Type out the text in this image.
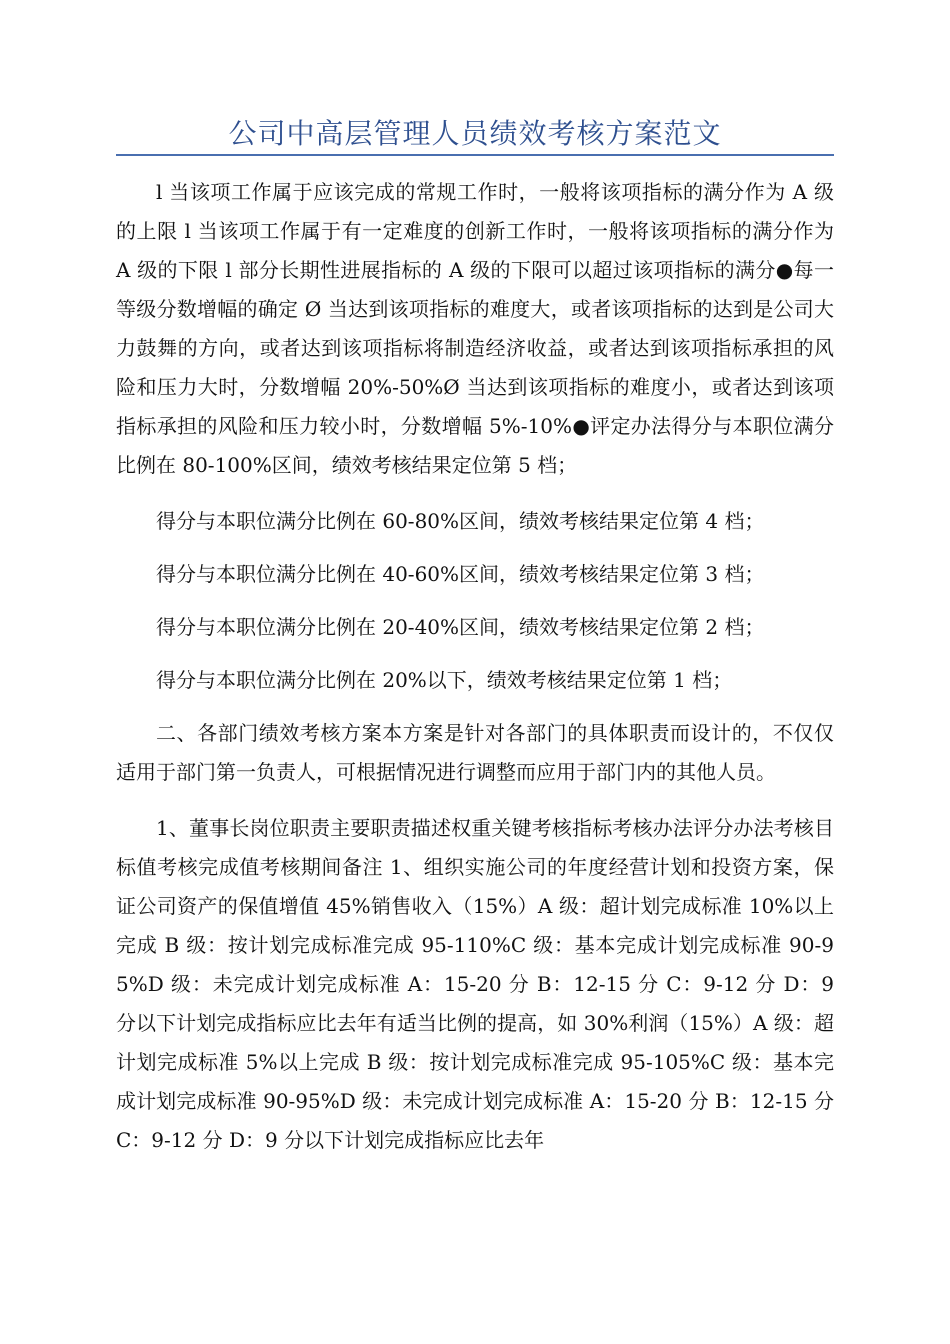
公司中高层管理人员绩效考核方案范文

l 当该项工作属于应该完成的常规工作时，一般将该项指标的满分作为 A 级的上限 l 当该项工作属于有一定难度的创新工作时，一般将该项指标的满分作为 A 级的下限 l 部分长期性进展指标的 A 级的下限可以超过该项指标的满分●每一等级分数增幅的确定 Ø 当达到该项指标的难度大，或者该项指标的达到是公司大力鼓舞的方向，或者达到该项指标将制造经济收益，或者达到该项指标承担的风险和压力大时，分数增幅 20%-50%Ø 当达到该项指标的难度小，或者达到该项指标承担的风险和压力较小时，分数增幅 5%-10%●评定办法得分与本职位满分比例在 80-100%区间，绩效考核结果定位第 5 档；

得分与本职位满分比例在 60-80%区间，绩效考核结果定位第 4 档；

得分与本职位满分比例在 40-60%区间，绩效考核结果定位第 3 档；

得分与本职位满分比例在 20-40%区间，绩效考核结果定位第 2 档；

得分与本职位满分比例在 20%以下，绩效考核结果定位第 1 档；

二、各部门绩效考核方案本方案是针对各部门的具体职责而设计的，不仅仅适用于部门第一负责人，可根据情况进行调整而应用于部门内的其他人员。

1、董事长岗位职责主要职责描述权重关键考核指标考核办法评分办法考核目标值考核完成值考核期间备注 1、组织实施公司的年度经营计划和投资方案，保证公司资产的保值增值 45%销售收入（15%）A 级：超计划完成标准 10%以上完成 B 级：按计划完成标准完成 95-110%C 级：基本完成计划完成标准 90-95%D 级：未完成计划完成标准 A：15-20 分 B：12-15 分 C：9-12 分 D：9 分以下计划完成指标应比去年有适当比例的提高，如 30%利润（15%）A 级：超计划完成标准 5%以上完成 B 级：按计划完成标准完成 95-105%C 级：基本完成计划完成标准 90-95%D 级：未完成计划完成标准 A：15-20 分 B：12-15 分 C：9-12 分 D：9 分以下计划完成指标应比去年
